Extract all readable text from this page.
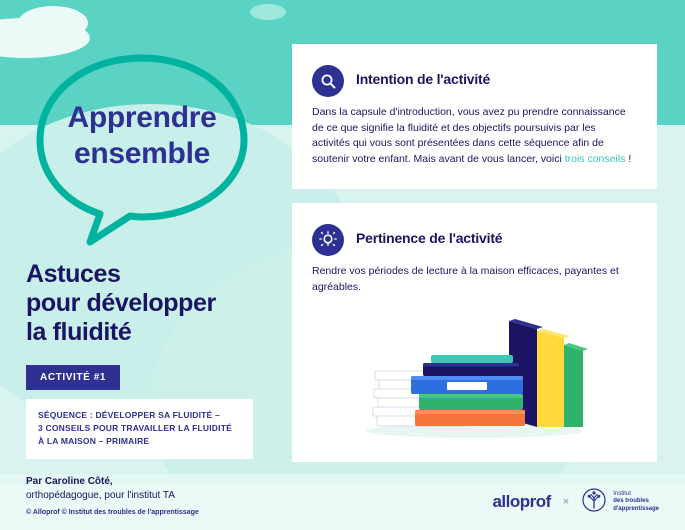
Apprendre
ensemble
Astuces
pour développer
la fluidité
ACTIVITÉ #1
SÉQUENCE : DÉVELOPPER SA FLUIDITÉ –
3 CONSEILS POUR TRAVAILLER LA FLUIDITÉ
À LA MAISON – PRIMAIRE
Par Caroline Côté,
orthopédagogue, pour l'institut TA
© Alloprof © Institut des troubles de l'apprentissage
Intention de l'activité
Dans la capsule d'introduction, vous avez pu prendre connaissance de ce que signifie la fluidité et des objectifs poursuivis par les activités qui vous sont présentées dans cette séquence afin de soutenir votre enfant. Mais avant de vous lancer, voici trois conseils !
Pertinence de l'activité
Rendre vos périodes de lecture à la maison efficaces, payantes et agréables.
alloprof ×
Institut
des troubles
d'apprentissage
